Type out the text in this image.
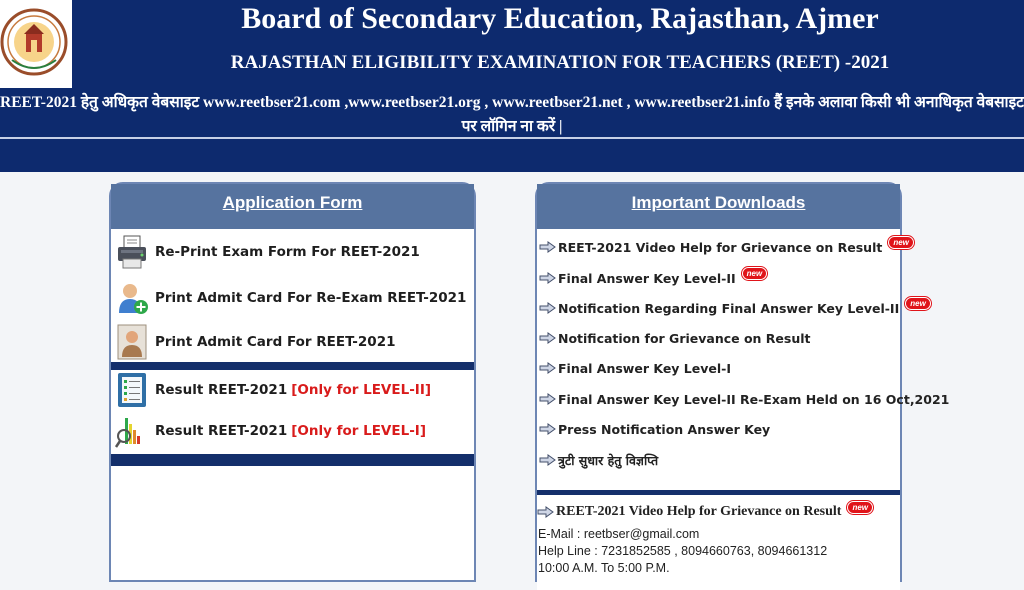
Board of Secondary Education, Rajasthan, Ajmer
RAJASTHAN ELIGIBILITY EXAMINATION FOR TEACHERS (REET) -2021
REET-2021 हेतु अधिकृत वेबसाइट www.reetbser21.com ,www.reetbser21.org , www.reetbser21.net , www.reetbser21.info हैं इनके अलावा किसी भी अनाधिकृत वेबसाइट
पर लॉगिन ना करें |
Application Form
Re-Print Exam Form For REET-2021
Print Admit Card For Re-Exam REET-2021
Print Admit Card For REET-2021
Result REET-2021 [Only for LEVEL-II]
Result REET-2021 [Only for LEVEL-I]
Important Downloads
REET-2021 Video Help for Grievance on Result	new
Final Answer Key Level-II	new
Notification Regarding Final Answer Key Level-II	new
Notification for Grievance on Result
Final Answer Key Level-I
Final Answer Key Level-II Re-Exam Held on 16 Oct,2021
Press Notification Answer Key
त्रुटी सुधार हेतु विज्ञप्ति
REET-2021 Video Help for Grievance on Result	new
E-Mail : reetbser@gmail.com
Help Line : 7231852585 , 8094660763, 8094661312
10:00 A.M. To 5:00 P.M.
